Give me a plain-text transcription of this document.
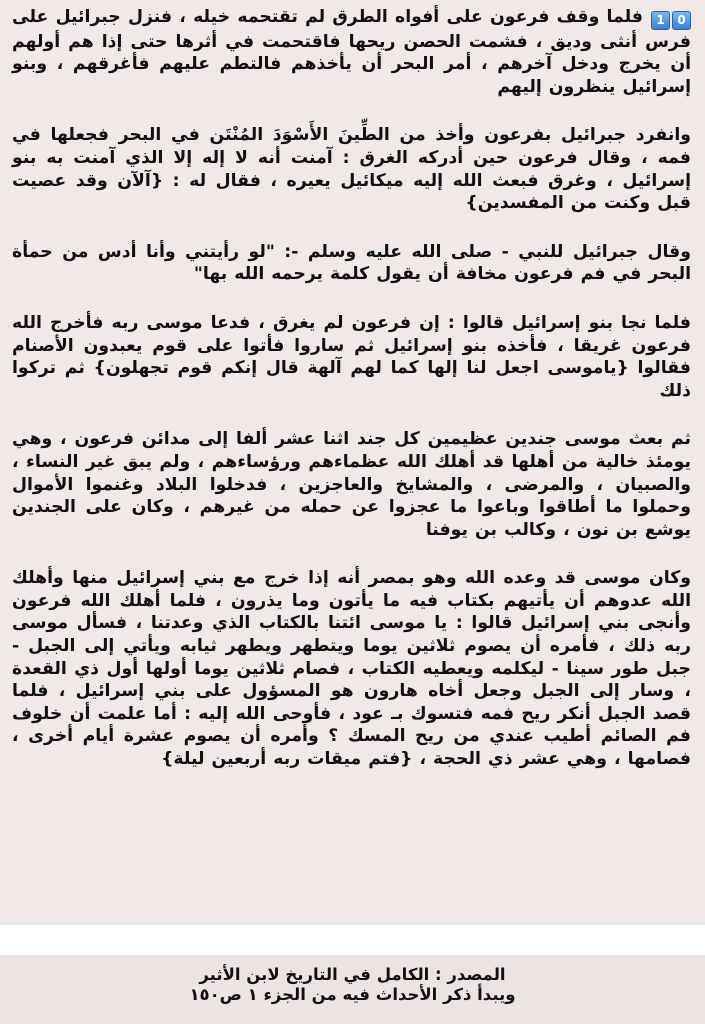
01فلما وقف فرعون على أفواه الطرق لم تقتحمه خيله ، فنزل جبرائيل على فرس أنثى وديق ، فشمت الحصن ريحها فاقتحمت في أثرها حتى إذا هم أولهم أن يخرج ودخل آخرهم ، أمر البحر أن يأخذهم فالتطم عليهم فأغرقهم ، وبنو إسرائيل ينظرون إليهم

وانفرد جبرائيل بفرعون وأخذ من الطِّينَ الأَسْوَدَ المُنْتَن في البحر فجعلها في فمه ، وقال فرعون حين أدركه الغرق : آمنت أنه لا إله إلا الذي آمنت به بنو إسرائيل ، وغرق فبعث الله إليه ميكائيل يعيره ، فقال له : {آلآن وقد عصيت قبل وكنت من المفسدين}

وقال جبرائيل للنبي - صلى الله عليه وسلم -: "لو رأيتني وأنا أدس من حمأة البحر في فم فرعون مخافة أن يقول كلمة يرحمه الله بها"

فلما نجا بنو إسرائيل قالوا : إن فرعون لم يغرق ، فدعا موسى ربه فأخرج الله فرعون غريقا ، فأخذه بنو إسرائيل ثم ساروا فأتوا على قوم يعبدون الأصنام فقالوا {ياموسى اجعل لنا إلها كما لهم آلهة قال إنكم قوم تجهلون} ثم تركوا ذلك

ثم بعث موسى جندين عظيمين كل جند اثنا عشر ألفا إلى مدائن فرعون ، وهي يومئذ خالية من أهلها قد أهلك الله عظماءهم ورؤساءهم ، ولم يبق غير النساء ، والصبيان ، والمرضى ، والمشايخ والعاجزين ، فدخلوا البلاد وغنموا الأموال وحملوا ما أطاقوا وباعوا ما عجزوا عن حمله من غيرهم ، وكان على الجندين يوشع بن نون ، وكالب بن يوفنا

وكان موسى قد وعده الله وهو بمصر أنه إذا خرج مع بني إسرائيل منها وأهلك الله عدوهم أن يأتيهم بكتاب فيه ما يأتون وما يذرون ، فلما أهلك الله فرعون وأنجى بني إسرائيل قالوا : يا موسى ائتنا بالكتاب الذي وعدتنا ، فسأل موسى ربه ذلك ، فأمره أن يصوم ثلاثين يوما ويتطهر ويطهر ثيابه ويأتي إلى الجبل - جبل طور سينا - ليكلمه ويعطيه الكتاب ، فصام ثلاثين يوما أولها أول ذي القعدة ، وسار إلى الجبل وجعل أخاه هارون هو المسؤول على بني إسرائيل ، فلما قصد الجبل أنكر ريح فمه فتسوك بـ عود ، فأوحى الله إليه : أما علمت أن خلوف فم الصائم أطيب عندي من ريح المسك ؟ وأمره أن يصوم عشرة أيام أخرى ، فصامها ، وهي عشر ذي الحجة ، {فتم ميقات ربه أربعين ليلة}

المصدر : الكامل في التاريخ لابن الأثير
ويبدأ ذكر الأحداث فيه من الجزء ١ ص١٥٠
